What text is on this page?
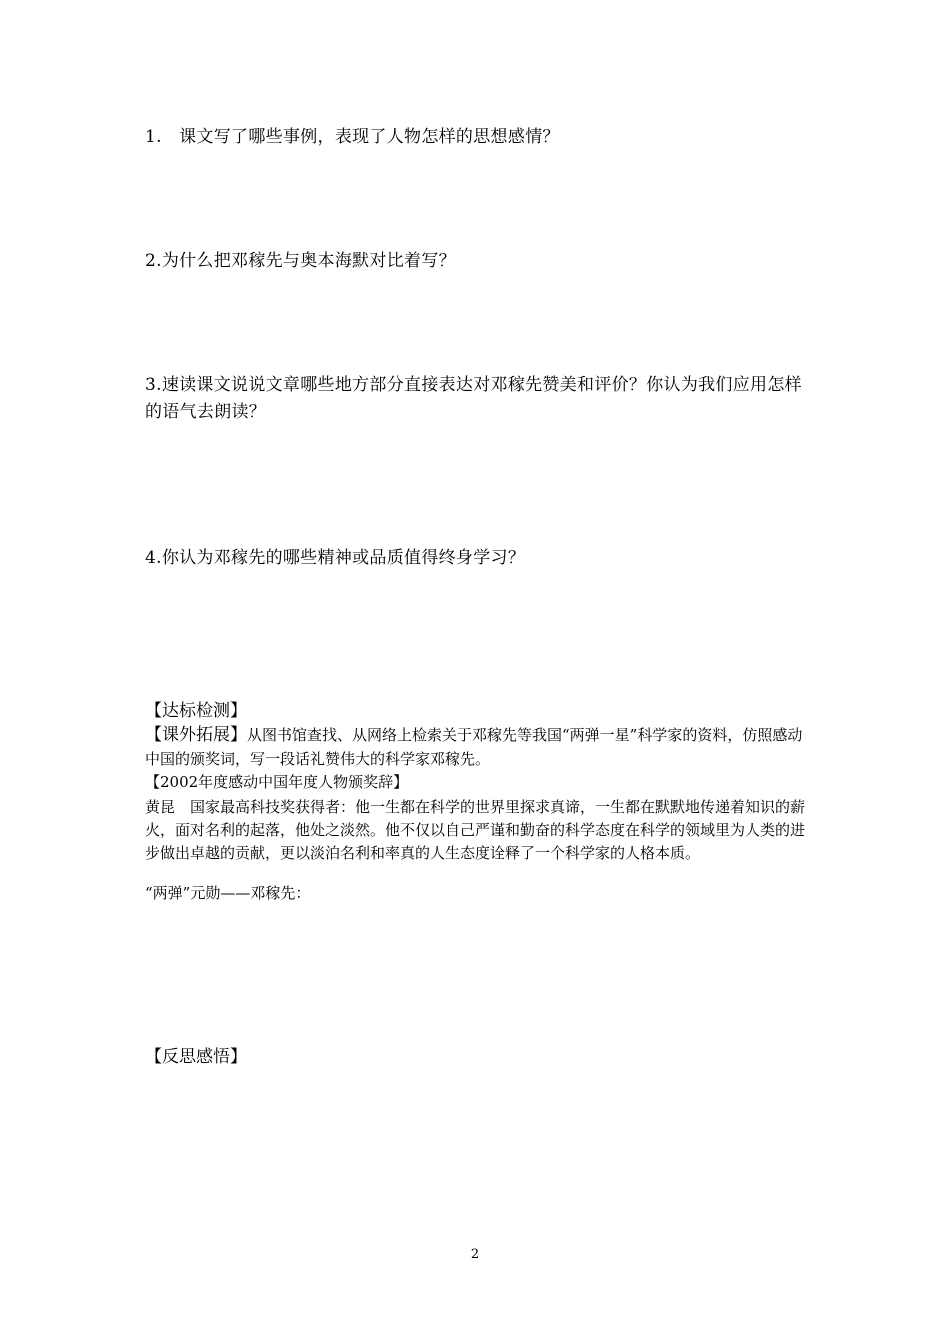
1.　课文写了哪些事例，表现了人物怎样的思想感情？
2.为什么把邓稼先与奥本海默对比着写？
3.速读课文说说文章哪些地方部分直接表达对邓稼先赞美和评价？你认为我们应用怎样的语气去朗读？
4.你认为邓稼先的哪些精神或品质值得终身学习？
【达标检测】
【课外拓展】从图书馆查找、从网络上检索关于邓稼先等我国“两弹一星”科学家的资料，仿照感动中国的颁奖词，写一段话礼赞伟大的科学家邓稼先。
【2002年度感动中国年度人物颁奖辞】
黄昆　国家最高科技奖获得者：他一生都在科学的世界里探求真谛，一生都在默默地传递着知识的薪火，面对名利的起落，他处之淡然。他不仅以自己严谨和勤奋的科学态度在科学的领域里为人类的进步做出卓越的贡献，更以淡泊名利和率真的人生态度诠释了一个科学家的人格本质。
“两弹”元勋——邓稼先：
【反思感悟】
2
